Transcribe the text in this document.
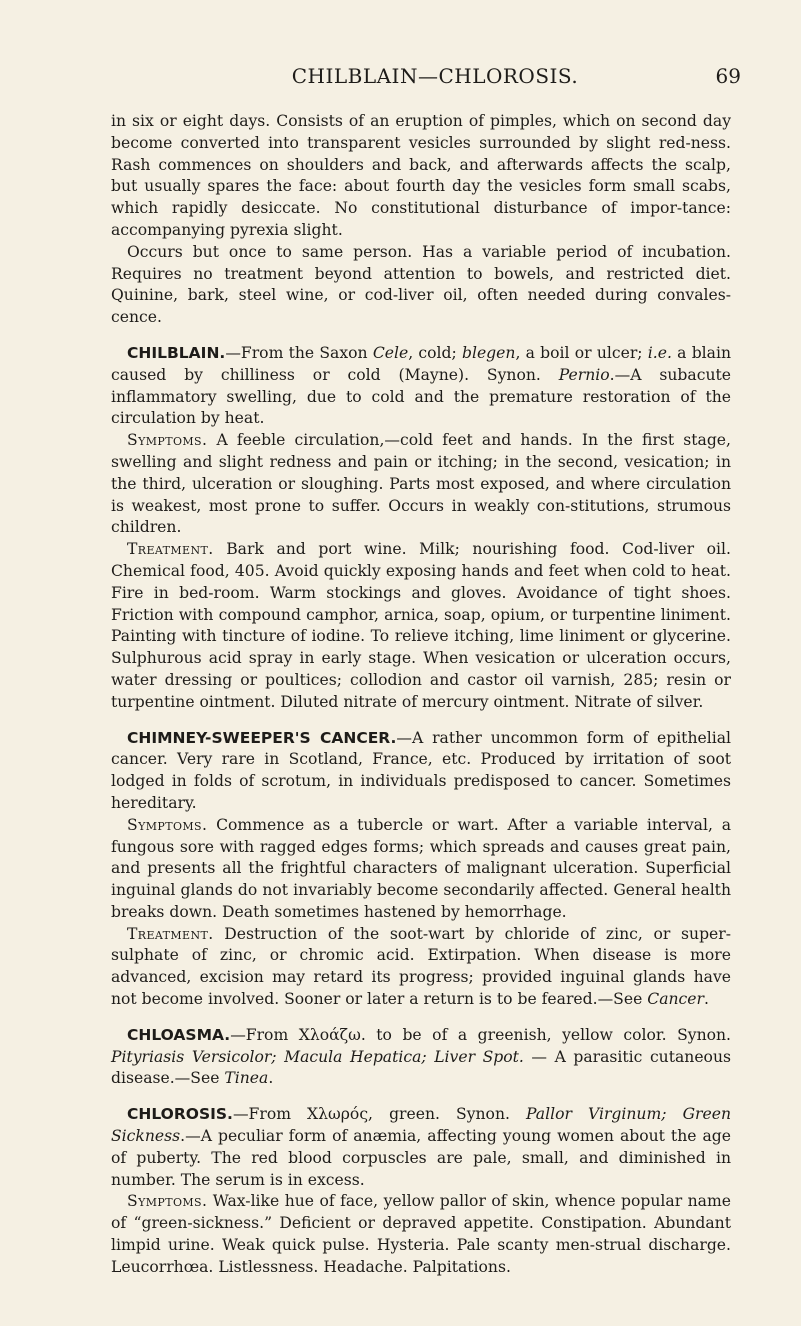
CHILBLAIN—CHLOROSIS.	69

in six or eight days. Consists of an eruption of pimples, which on second day become converted into transparent vesicles surrounded by slight red-ness. Rash commences on shoulders and back, and afterwards affects the scalp, but usually spares the face: about fourth day the vesicles form small scabs, which rapidly desiccate. No constitutional disturbance of impor-tance: accompanying pyrexia slight.

Occurs but once to same person. Has a variable period of incubation. Requires no treatment beyond attention to bowels, and restricted diet. Quinine, bark, steel wine, or cod-liver oil, often needed during convales-cence.

CHILBLAIN.—From the Saxon Cele, cold; blegen, a boil or ulcer; i.e. a blain caused by chilliness or cold (Mayne). Synon. Pernio.—A subacute inflammatory swelling, due to cold and the premature restoration of the circulation by heat.

Symptoms. A feeble circulation,—cold feet and hands. In the first stage, swelling and slight redness and pain or itching; in the second, vesication; in the third, ulceration or sloughing. Parts most exposed, and where circulation is weakest, most prone to suffer. Occurs in weakly con-stitutions, strumous children.

Treatment. Bark and port wine. Milk; nourishing food. Cod-liver oil. Chemical food, 405. Avoid quickly exposing hands and feet when cold to heat. Fire in bed-room. Warm stockings and gloves. Avoidance of tight shoes. Friction with compound camphor, arnica, soap, opium, or turpentine liniment. Painting with tincture of iodine. To relieve itching, lime liniment or glycerine. Sulphurous acid spray in early stage. When vesication or ulceration occurs, water dressing or poultices; collodion and castor oil varnish, 285; resin or turpentine ointment. Diluted nitrate of mercury ointment. Nitrate of silver.

CHIMNEY-SWEEPER'S CANCER.—A rather uncommon form of epithelial cancer. Very rare in Scotland, France, etc. Produced by irritation of soot lodged in folds of scrotum, in individuals predisposed to cancer. Sometimes hereditary.

Symptoms. Commence as a tubercle or wart. After a variable interval, a fungous sore with ragged edges forms; which spreads and causes great pain, and presents all the frightful characters of malignant ulceration. Superficial inguinal glands do not invariably become secondarily affected. General health breaks down. Death sometimes hastened by hemorrhage.

Treatment. Destruction of the soot-wart by chloride of zinc, or super-sulphate of zinc, or chromic acid. Extirpation. When disease is more advanced, excision may retard its progress; provided inguinal glands have not become involved. Sooner or later a return is to be feared.—See Cancer.

CHLOASMA.—From Χλοάζω. to be of a greenish, yellow color. Synon. Pityriasis Versicolor; Macula Hepatica; Liver Spot. — A parasitic cutaneous disease.—See Tinea.

CHLOROSIS.—From Χλωρός, green. Synon. Pallor Virginum; Green Sickness.—A peculiar form of anæmia, affecting young women about the age of puberty. The red blood corpuscles are pale, small, and diminished in number. The serum is in excess.

Symptoms. Wax-like hue of face, yellow pallor of skin, whence popular name of “green-sickness.” Deficient or depraved appetite. Constipation. Abundant limpid urine. Weak quick pulse. Hysteria. Pale scanty men-strual discharge. Leucorrhœa. Listlessness. Headache. Palpitations.
